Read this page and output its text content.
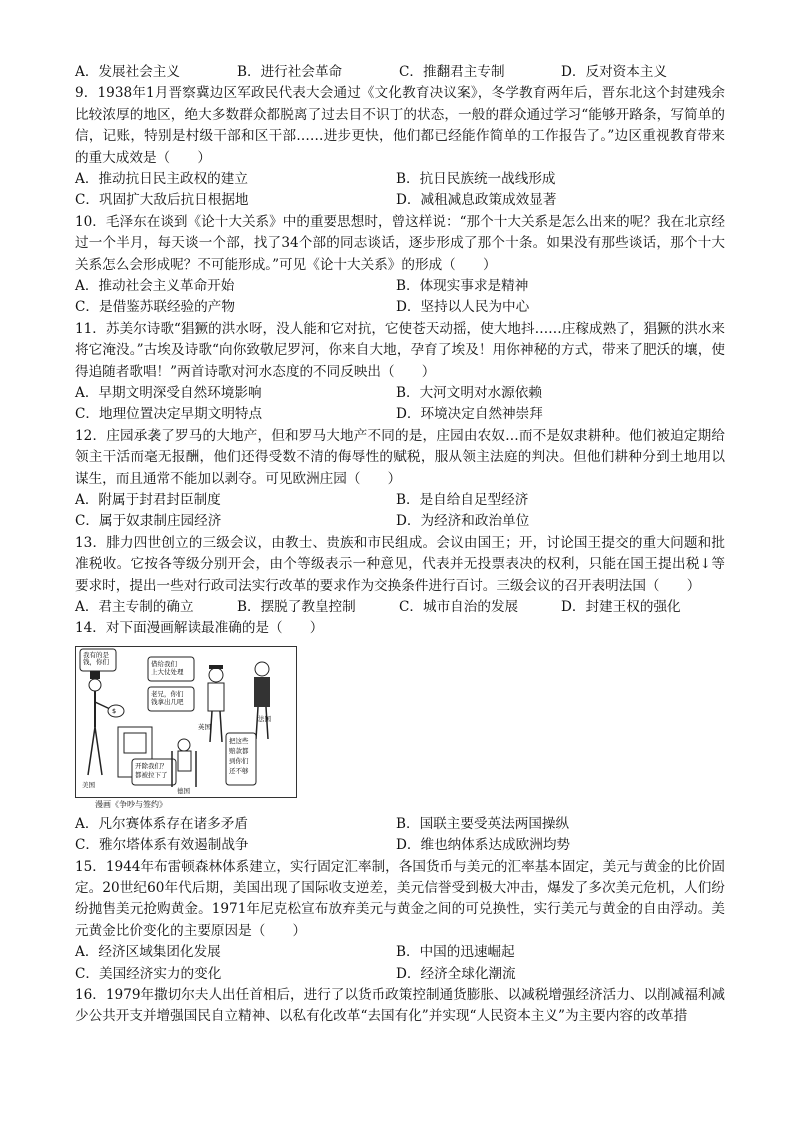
A．发展社会主义	B．进行社会革命	C．推翻君主专制	D．反对资本主义

9．1938年1月晋察冀边区军政民代表大会通过《文化教育决议案》，冬学教育两年后，晋东北这个封建残余比较浓厚的地区，绝大多数群众都脱离了过去目不识丁的状态，一般的群众通过学习“能够开路条，写简单的信，记账，特别是村级干部和区干部……进步更快，他们都已经能作简单的工作报告了。”边区重视教育带来的重大成效是（　　）

A．推动抗日民主政权的建立	B．抗日民族统一战线形成
C．巩固扩大敌后抗日根据地	D．减租减息政策成效显著

10．毛泽东在谈到《论十大关系》中的重要思想时，曾这样说：“那个十大关系是怎么出来的呢？我在北京经过一个半月，每天谈一个部，找了34个部的同志谈话，逐步形成了那个十条。如果没有那些谈话，那个十大关系怎么会形成呢？不可能形成。”可见《论十大关系》的形成（　　）

A．推动社会主义革命开始	B．体现实事求是精神
C．是借鉴苏联经验的产物	D．坚持以人民为中心

11．苏美尔诗歌“猖獗的洪水呀，没人能和它对抗，它使苍天动摇，使大地抖……庄稼成熟了，猖獗的洪水来将它淹没。”古埃及诗歌“向你致敬尼罗河，你来自大地，孕育了埃及！用你神秘的方式，带来了肥沃的壤，使得追随者歌唱！”两首诗歌对河水态度的不同反映出（　　）

A．早期文明深受自然环境影响	B．大河文明对水源依赖
C．地理位置决定早期文明特点	D．环境决定自然神崇拜

12．庄园承袭了罗马的大地产，但和罗马大地产不同的是，庄园由农奴…而不是奴隶耕种。他们被迫定期给领主干活而毫无报酬，他们还得受数不清的侮辱性的赋税，服从领主法庭的判决。但他们耕种分到土地用以谋生，而且通常不能加以剥夺。可见欧洲庄园（　　）

A．附属于封君封臣制度	B．是自给自足型经济
C．属于奴隶制庄园经济	D．为经济和政治单位

13．腓力四世创立的三级会议，由教士、贵族和市民组成。会议由国王；开，讨论国王提交的重大问题和批准税收。它按各等级分别开会，由个等级表示一种意见，代表并无投票表决的权利，只能在国王提出税↓等要求时，提出一些对行政司法实行改革的要求作为交换条件进行百讨。三级会议的召开表明法国（　　）

A．君主专制的确立	B．摆脱了教皇控制	C．城市自治的发展	D．封建王权的强化

14．对下面漫画解读最准确的是（　　）

$
我有的是
钱，你们	借给我们
上大仗处理
老兄，你们
钱拿出几吧
开除我们？
都被拉下了
把这些
赔款都
到你们
还不够
美国
英国
法国
德国
漫画《争吵与签约》
A．凡尔赛体系存在诸多矛盾	B．国联主要受英法两国操纵
C．雅尔塔体系有效遏制战争	D．维也纳体系达成欧洲均势

15．1944年布雷顿森林体系建立，实行固定汇率制，各国货币与美元的汇率基本固定，美元与黄金的比价固定。20世纪60年代后期，美国出现了国际收支逆差，美元信誉受到极大冲击，爆发了多次美元危机，人们纷纷抛售美元抢购黄金。1971年尼克松宣布放弃美元与黄金之间的可兑换性，实行美元与黄金的自由浮动。美元黄金比价变化的主要原因是（　　）

A．经济区域集团化发展	B．中国的迅速崛起
C．美国经济实力的变化	D．经济全球化潮流

16．1979年撒切尔夫人出任首相后，进行了以货币政策控制通货膨胀、以减税增强经济活力、以削减福利减少公共开支并增强国民自立精神、以私有化改革“去国有化”并实现“人民资本主义”为主要内容的改革措
